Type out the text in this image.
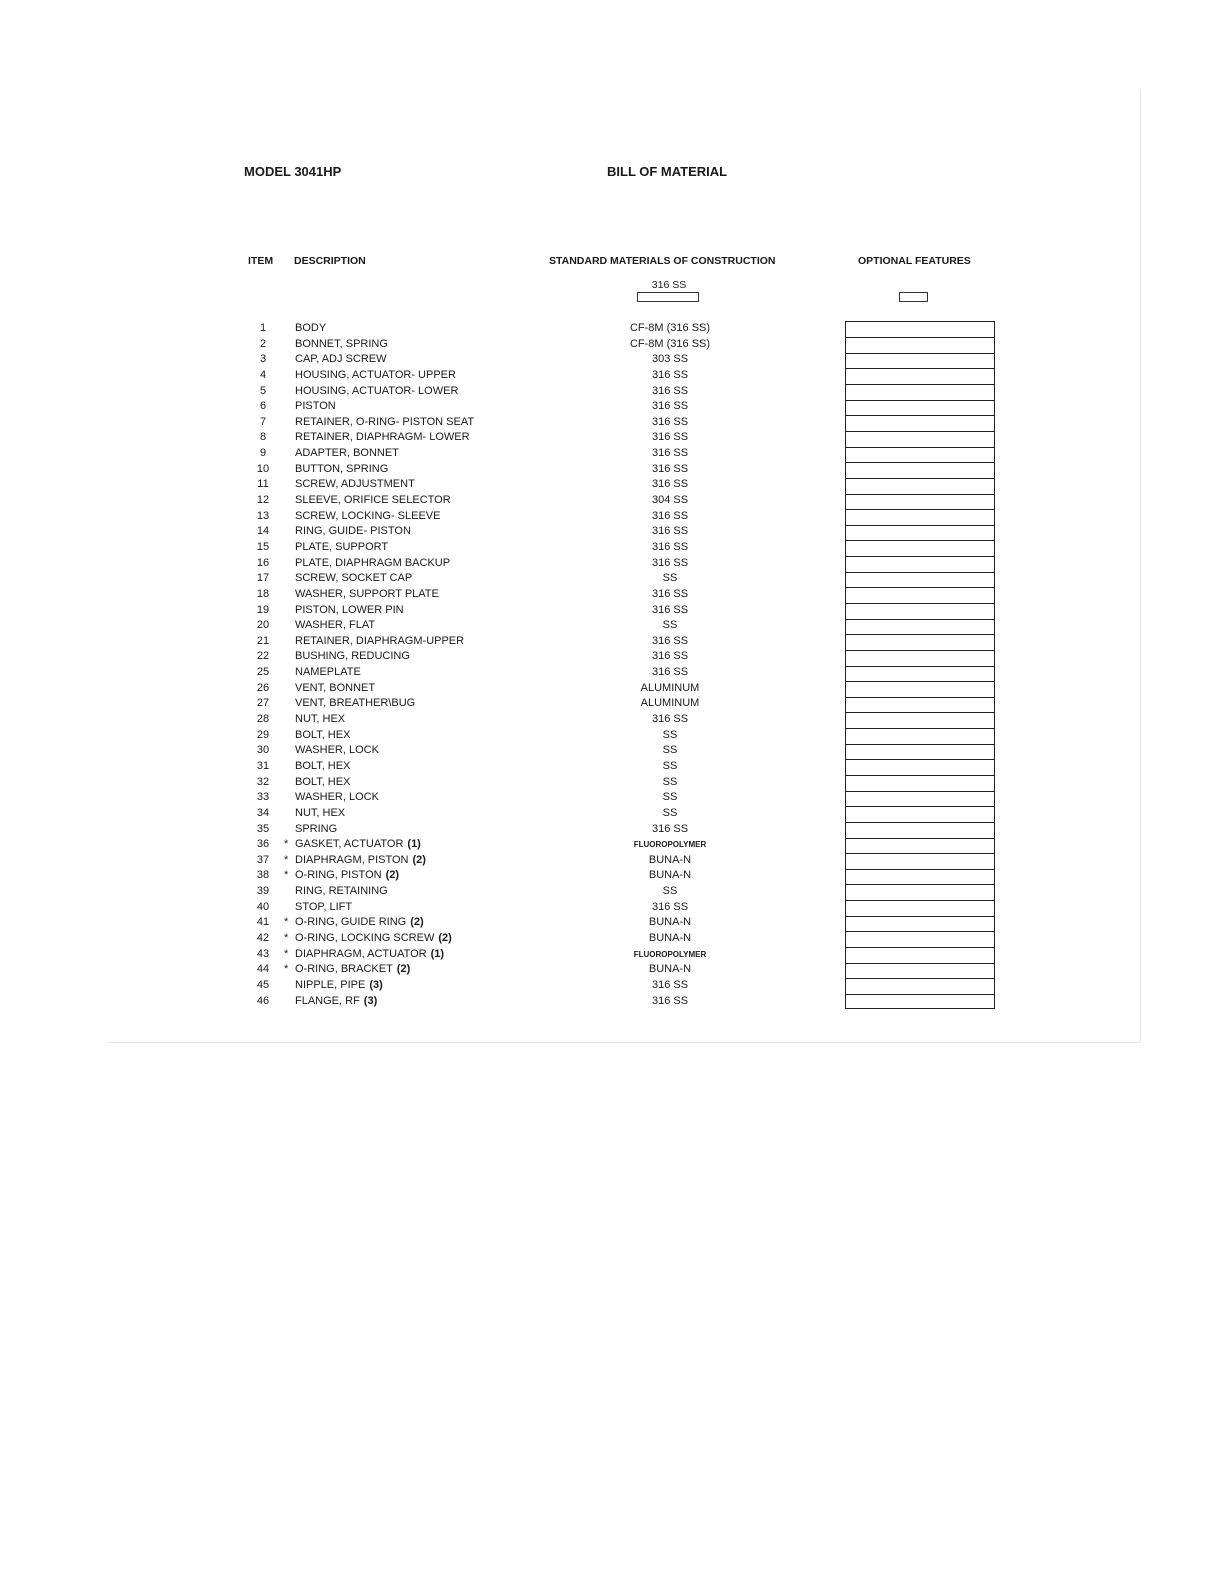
MODEL 3041HP	BILL OF MATERIAL
ITEM DESCRIPTION	STANDARD MATERIALS OF CONSTRUCTION	OPTIONAL FEATURES
316 SS
1	BODY	CF-8M (316 SS)
2	BONNET, SPRING	CF-8M (316 SS)
3	CAP, ADJ SCREW	303 SS
4	HOUSING, ACTUATOR- UPPER	316 SS
5	HOUSING, ACTUATOR- LOWER	316 SS
6	PISTON	316 SS
7	RETAINER, O-RING- PISTON SEAT	316 SS
8	RETAINER, DIAPHRAGM- LOWER	316 SS
9	ADAPTER, BONNET	316 SS
10	BUTTON, SPRING	316 SS
11	SCREW, ADJUSTMENT	316 SS
12	SLEEVE, ORIFICE SELECTOR	304 SS
13	SCREW, LOCKING- SLEEVE	316 SS
14	RING, GUIDE- PISTON	316 SS
15	PLATE, SUPPORT	316 SS
16	PLATE, DIAPHRAGM BACKUP	316 SS
17	SCREW, SOCKET CAP	SS
18	WASHER, SUPPORT PLATE	316 SS
19	PISTON, LOWER PIN	316 SS
20	WASHER, FLAT	SS
21	RETAINER, DIAPHRAGM-UPPER	316 SS
22	BUSHING, REDUCING	316 SS
25	NAMEPLATE	316 SS
26	VENT, BONNET	ALUMINUM
27	VENT, BREATHER\BUG	ALUMINUM
28	NUT, HEX	316 SS
29	BOLT, HEX	SS
30	WASHER, LOCK	SS
31	BOLT, HEX	SS
32	BOLT, HEX	SS
33	WASHER, LOCK	SS
34	NUT, HEX	SS
35	SPRING	316 SS
36	* GASKET, ACTUATOR (1)	FLUOROPOLYMER
37	* DIAPHRAGM, PISTON (2)	BUNA-N
38	* O-RING, PISTON (2)	BUNA-N
39	RING, RETAINING	SS
40	STOP, LIFT	316 SS
41	* O-RING, GUIDE RING (2)	BUNA-N
42	* O-RING, LOCKING SCREW (2)	BUNA-N
43	* DIAPHRAGM, ACTUATOR (1)	FLUOROPOLYMER
44	* O-RING, BRACKET (2)	BUNA-N
45	NIPPLE, PIPE (3)	316 SS
46	FLANGE, RF (3)	316 SS
